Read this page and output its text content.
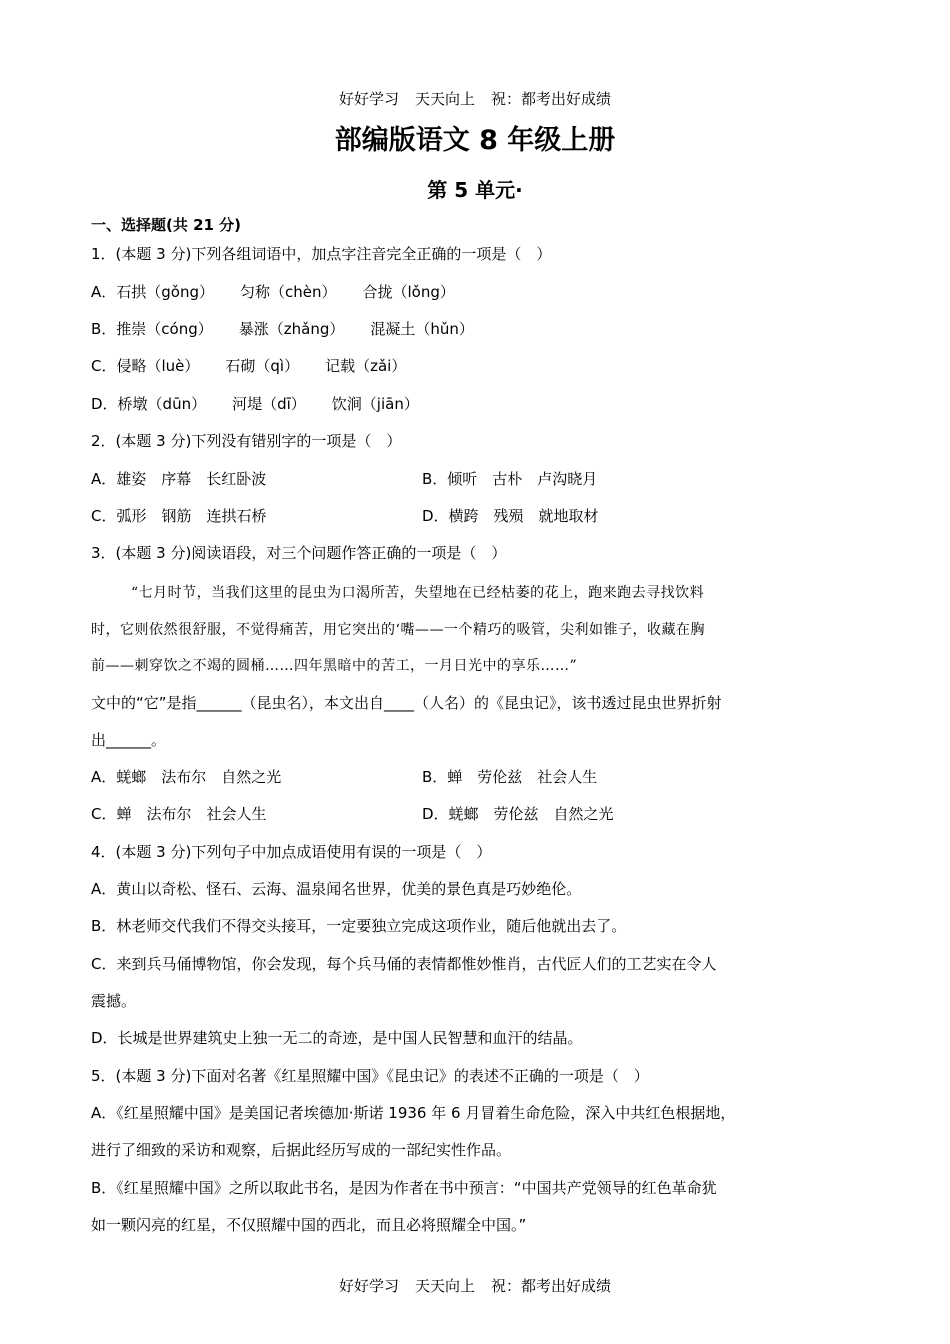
好好学习 天天向上 祝：都考出好成绩
部编版语文 8 年级上册
第 5 单元·
一、选择题(共 21 分)
1．(本题 3 分)下列各组词语中，加点字注音完全正确的一项是（　）
A．石拱（gǒng） 匀称（chèn） 合拢（lǒng）
B．推崇（cóng） 暴涨（zhǎng） 混凝土（hǔn）
C．侵略（luè） 石砌（qì） 记载（zǎi）
D．桥墩（dūn） 河堤（dī） 饮涧（jiān）
2．(本题 3 分)下列没有错别字的一项是（　）
A．雄姿　序幕　长红卧波	B．倾听　古朴　卢沟晓月
C．弧形　钢筋　连拱石桥	D．横跨　残殒　就地取材
3．(本题 3 分)阅读语段，对三个问题作答正确的一项是（　）
“七月时节，当我们这里的昆虫为口渴所苦，失望地在已经枯萎的花上，跑来跑去寻找饮料
时，它则依然很舒服，不觉得痛苦，用它突出的‘嘴——一个精巧的吸管，尖利如锥子，收藏在胸
前——刺穿饮之不竭的圆桶……四年黑暗中的苦工，一月日光中的享乐……”
文中的“它”是指______（昆虫名），本文出自____（人名）的《昆虫记》，该书透过昆虫世界折射
出______。
A．蜣螂　法布尔　自然之光	B．蝉　劳伦兹　社会人生
C．蝉　法布尔　社会人生	D．蜣螂　劳伦兹　自然之光
4．(本题 3 分)下列句子中加点成语使用有误的一项是（　）
A．黄山以奇松、怪石、云海、温泉闻名世界，优美的景色真是巧妙绝伦。
B．林老师交代我们不得交头接耳，一定要独立完成这项作业，随后他就出去了。
C．来到兵马俑博物馆，你会发现，每个兵马俑的表情都惟妙惟肖，古代匠人们的工艺实在令人
震撼。
D．长城是世界建筑史上独一无二的奇迹，是中国人民智慧和血汗的结晶。
5．(本题 3 分)下面对名著《红星照耀中国》《昆虫记》的表述不正确的一项是（　）
A．《红星照耀中国》是美国记者埃德加·斯诺 1936 年 6 月冒着生命危险，深入中共红色根据地，
进行了细致的采访和观察，后据此经历写成的一部纪实性作品。
B．《红星照耀中国》之所以取此书名，是因为作者在书中预言：“中国共产党领导的红色革命犹
如一颗闪亮的红星，不仅照耀中国的西北，而且必将照耀全中国。”
好好学习 天天向上 祝：都考出好成绩
